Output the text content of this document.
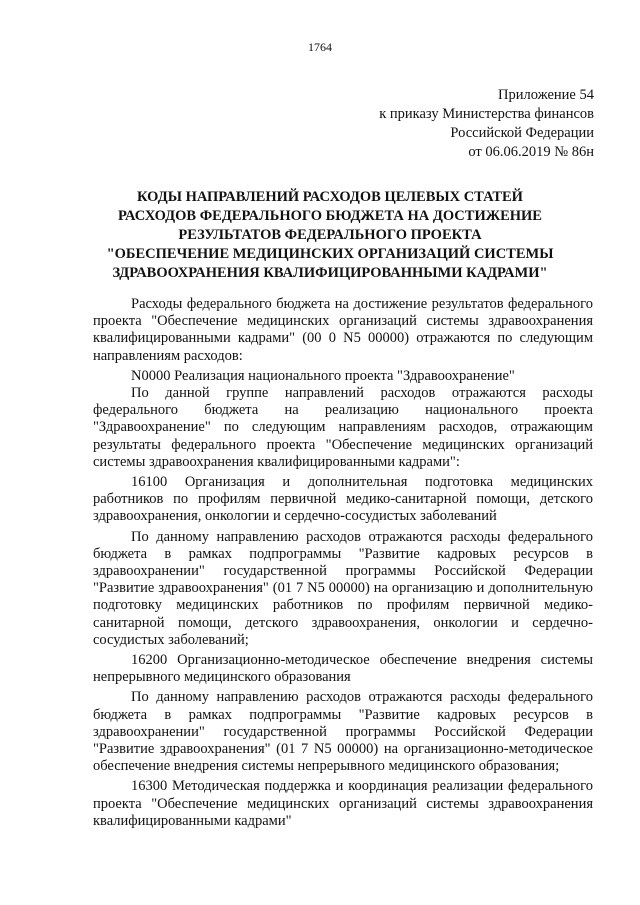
1764
Приложение 54
к приказу Министерства финансов
Российской Федерации
от 06.06.2019 № 86н
КОДЫ НАПРАВЛЕНИЙ РАСХОДОВ ЦЕЛЕВЫХ СТАТЕЙ
РАСХОДОВ ФЕДЕРАЛЬНОГО БЮДЖЕТА НА ДОСТИЖЕНИЕ
РЕЗУЛЬТАТОВ ФЕДЕРАЛЬНОГО ПРОЕКТА
"ОБЕСПЕЧЕНИЕ МЕДИЦИНСКИХ ОРГАНИЗАЦИЙ СИСТЕМЫ
ЗДРАВООХРАНЕНИЯ КВАЛИФИЦИРОВАННЫМИ КАДРАМИ"

Расходы федерального бюджета на достижение результатов федерального проекта "Обеспечение медицинских организаций системы здравоохранения квалифицированными кадрами" (00 0 N5 00000) отражаются по следующим направлениям расходов:

N0000 Реализация национального проекта "Здравоохранение"

По данной группе направлений расходов отражаются расходы федерального бюджета на реализацию национального проекта "Здравоохранение" по следующим направлениям расходов, отражающим результаты федерального проекта "Обеспечение медицинских организаций системы здравоохранения квалифицированными кадрами":

16100 Организация и дополнительная подготовка медицинских работников по профилям первичной медико-санитарной помощи, детского здравоохранения, онкологии и сердечно-сосудистых заболеваний

По данному направлению расходов отражаются расходы федерального бюджета в рамках подпрограммы "Развитие кадровых ресурсов в здравоохранении" государственной программы Российской Федерации "Развитие здравоохранения" (01 7 N5 00000) на организацию и дополнительную подготовку медицинских работников по профилям первичной медико-санитарной помощи, детского здравоохранения, онкологии и сердечно-сосудистых заболеваний;

16200 Организационно-методическое обеспечение внедрения системы непрерывного медицинского образования

По данному направлению расходов отражаются расходы федерального бюджета в рамках подпрограммы "Развитие кадровых ресурсов в здравоохранении" государственной программы Российской Федерации "Развитие здравоохранения" (01 7 N5 00000) на организационно-методическое обеспечение внедрения системы непрерывного медицинского образования;

16300 Методическая поддержка и координация реализации федерального проекта "Обеспечение медицинских организаций системы здравоохранения квалифицированными кадрами"
